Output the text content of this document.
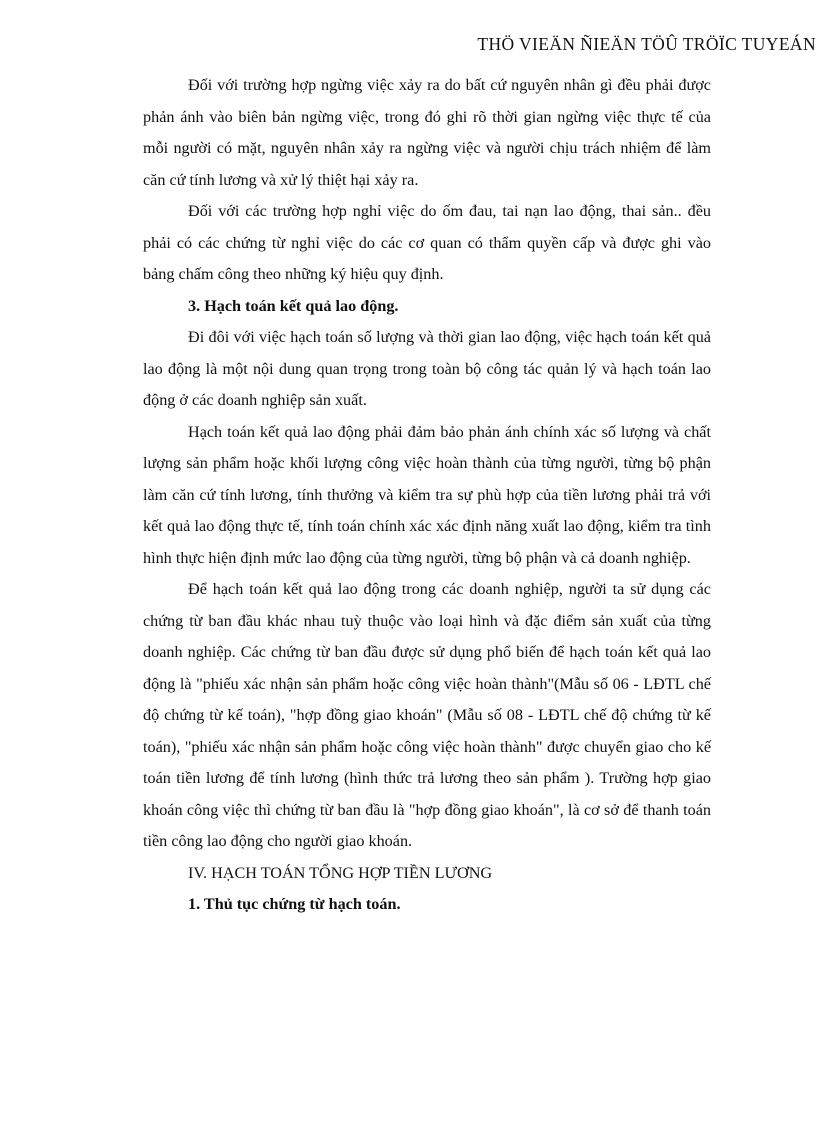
THÖ VIEÄN ÑIEÄN TÖÛ TRÖÏC TUYEÁN

Đối với trường hợp ngừng việc xảy ra do bất cứ nguyên nhân gì đều phải được phản ánh vào biên bản ngừng việc, trong đó ghi rõ thời gian ngừng việc thực tế của mỗi người có mặt, nguyên nhân xảy ra ngừng việc và người chịu trách nhiệm để làm căn cứ tính lương và xử lý thiệt hại xảy ra.

Đối với các trường hợp nghỉ việc do ốm đau, tai nạn lao động, thai sản.. đều phải có các chứng từ nghỉ việc do các cơ quan có thẩm quyền cấp và được ghi vào bảng chấm công theo những ký hiệu quy định.

3. Hạch toán kết quả lao động.

Đi đôi với việc hạch toán số lượng và thời gian lao động, việc hạch toán kết quả lao động là một nội dung quan trọng trong toàn bộ công tác quản lý và hạch toán lao động ở các doanh nghiệp sản xuất.

Hạch toán kết quả lao động phải đảm bảo phản ánh chính xác số lượng và chất lượng sản phẩm hoặc khối lượng công việc hoàn thành của từng người, từng bộ phận làm căn cứ tính lương, tính thưởng và kiểm tra sự phù hợp của tiền lương phải trả với kết quả lao động thực tế, tính toán chính xác xác định năng xuất lao động, kiểm tra tình hình thực hiện định mức lao động của từng người, từng bộ phận và cả doanh nghiệp.

Để hạch toán kết quả lao động trong các doanh nghiệp, người ta sử dụng các chứng từ ban đầu khác nhau tuỳ thuộc vào loại hình và đặc điểm sản xuất của từng doanh nghiệp. Các chứng từ ban đầu được sử dụng phổ biến để hạch toán kết quả lao động là "phiếu xác nhận sản phẩm hoặc công việc hoàn thành"(Mẫu số 06 - LĐTL chế độ chứng từ kế toán), "hợp đồng giao khoán" (Mẫu số 08 - LĐTL chế độ chứng từ kế toán), "phiếu xác nhận sản phẩm hoặc công việc hoàn thành" được chuyển giao cho kế toán tiền lương để tính lương (hình thức trả lương theo sản phẩm ). Trường hợp giao khoán công việc thì chứng từ ban đầu là "hợp đồng giao khoán", là cơ sở để thanh toán tiền công lao động cho người giao khoán.

IV. HẠCH TOÁN TỔNG HỢP TIỀN LƯƠNG

1. Thủ tục chứng từ hạch toán.
